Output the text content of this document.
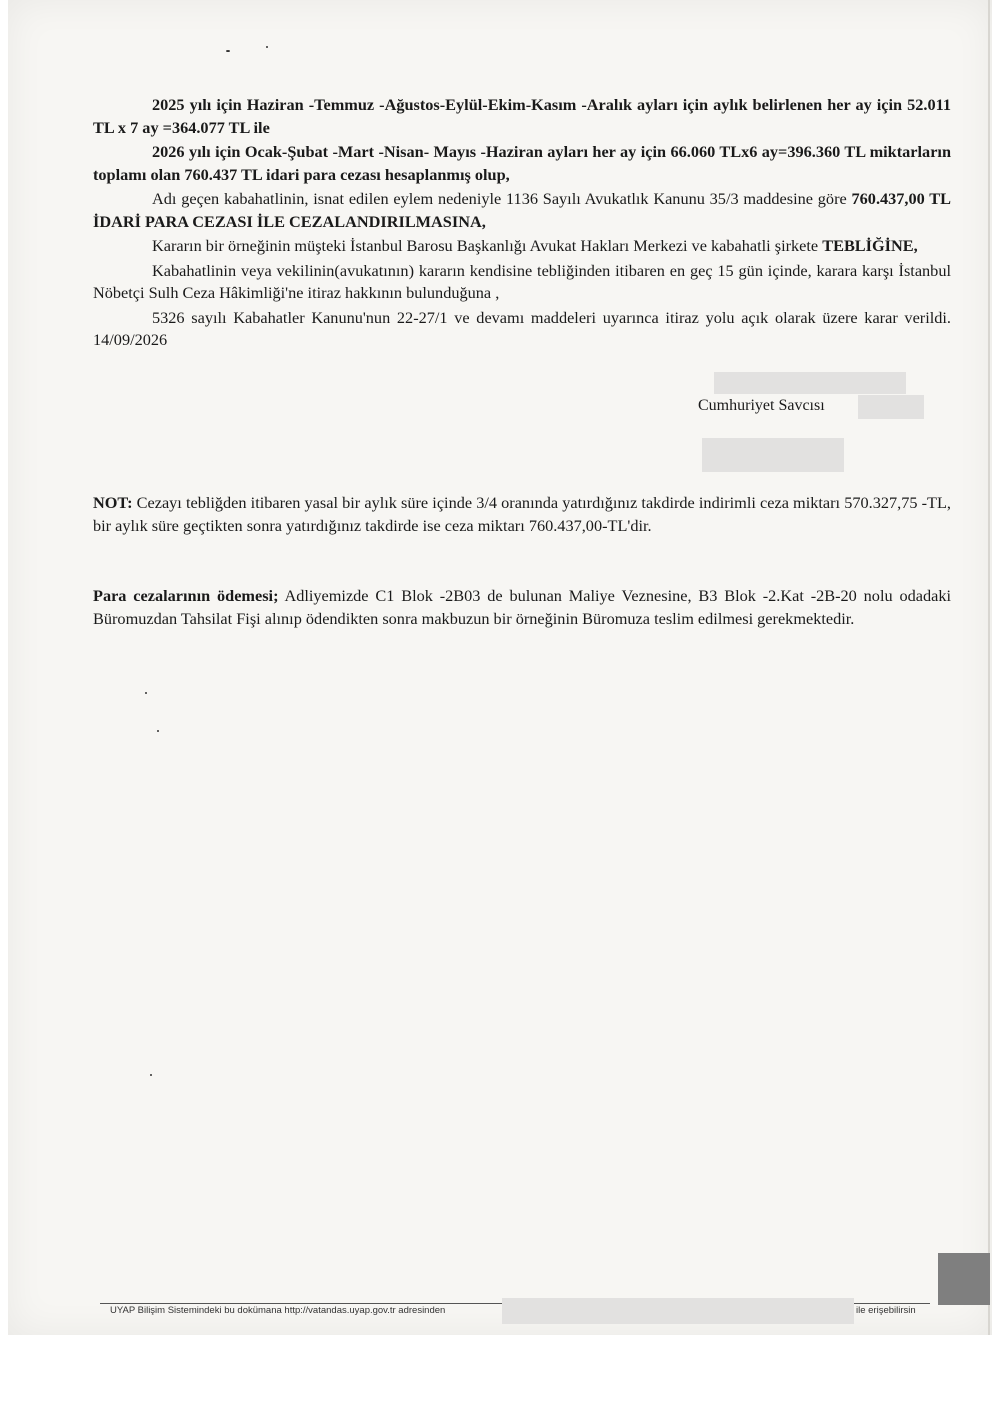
2025 yılı için Haziran -Temmuz -Ağustos-Eylül-Ekim-Kasım -Aralık ayları için aylık belirlenen her ay için 52.011 TL x 7 ay =364.077 TL ile

2026 yılı için Ocak-Şubat -Mart -Nisan- Mayıs -Haziran ayları her ay için 66.060 TLx6 ay=396.360 TL miktarların toplamı olan 760.437 TL idari para cezası hesaplanmış olup,

Adı geçen kabahatlinin, isnat edilen eylem nedeniyle 1136 Sayılı Avukatlık Kanunu 35/3 maddesine göre 760.437,00 TL İDARİ PARA CEZASI İLE CEZALANDIRILMASINA,

Kararın bir örneğinin müşteki İstanbul Barosu Başkanlığı Avukat Hakları Merkezi ve kabahatli şirkete TEBLİĞİNE,

Kabahatlinin veya vekilinin(avukatının) kararın kendisine tebliğinden itibaren en geç 15 gün içinde, karara karşı İstanbul Nöbetçi Sulh Ceza Hâkimliği'ne itiraz hakkının bulunduğuna ,

5326 sayılı Kabahatler Kanunu'nun 22-27/1 ve devamı maddeleri uyarınca itiraz yolu açık olarak üzere karar verildi. 14/09/2026

Cumhuriyet Savcısı

NOT: Cezayı tebliğden itibaren yasal bir aylık süre içinde 3/4 oranında yatırdığınız takdirde indirimli ceza miktarı 570.327,75 -TL, bir aylık süre geçtikten sonra yatırdığınız takdirde ise ceza miktarı 760.437,00-TL'dir.

Para cezalarının ödemesi; Adliyemizde C1 Blok -2B03 de bulunan Maliye Veznesine, B3 Blok -2.Kat -2B-20 nolu odadaki Büromuzdan Tahsilat Fişi alınıp ödendikten sonra makbuzun bir örneğinin Büromuza teslim edilmesi gerekmektedir.

UYAP Bilişim Sistemindeki bu dokümana http://vatandas.uyap.gov.tr adresinden	ile erişebilirsin
